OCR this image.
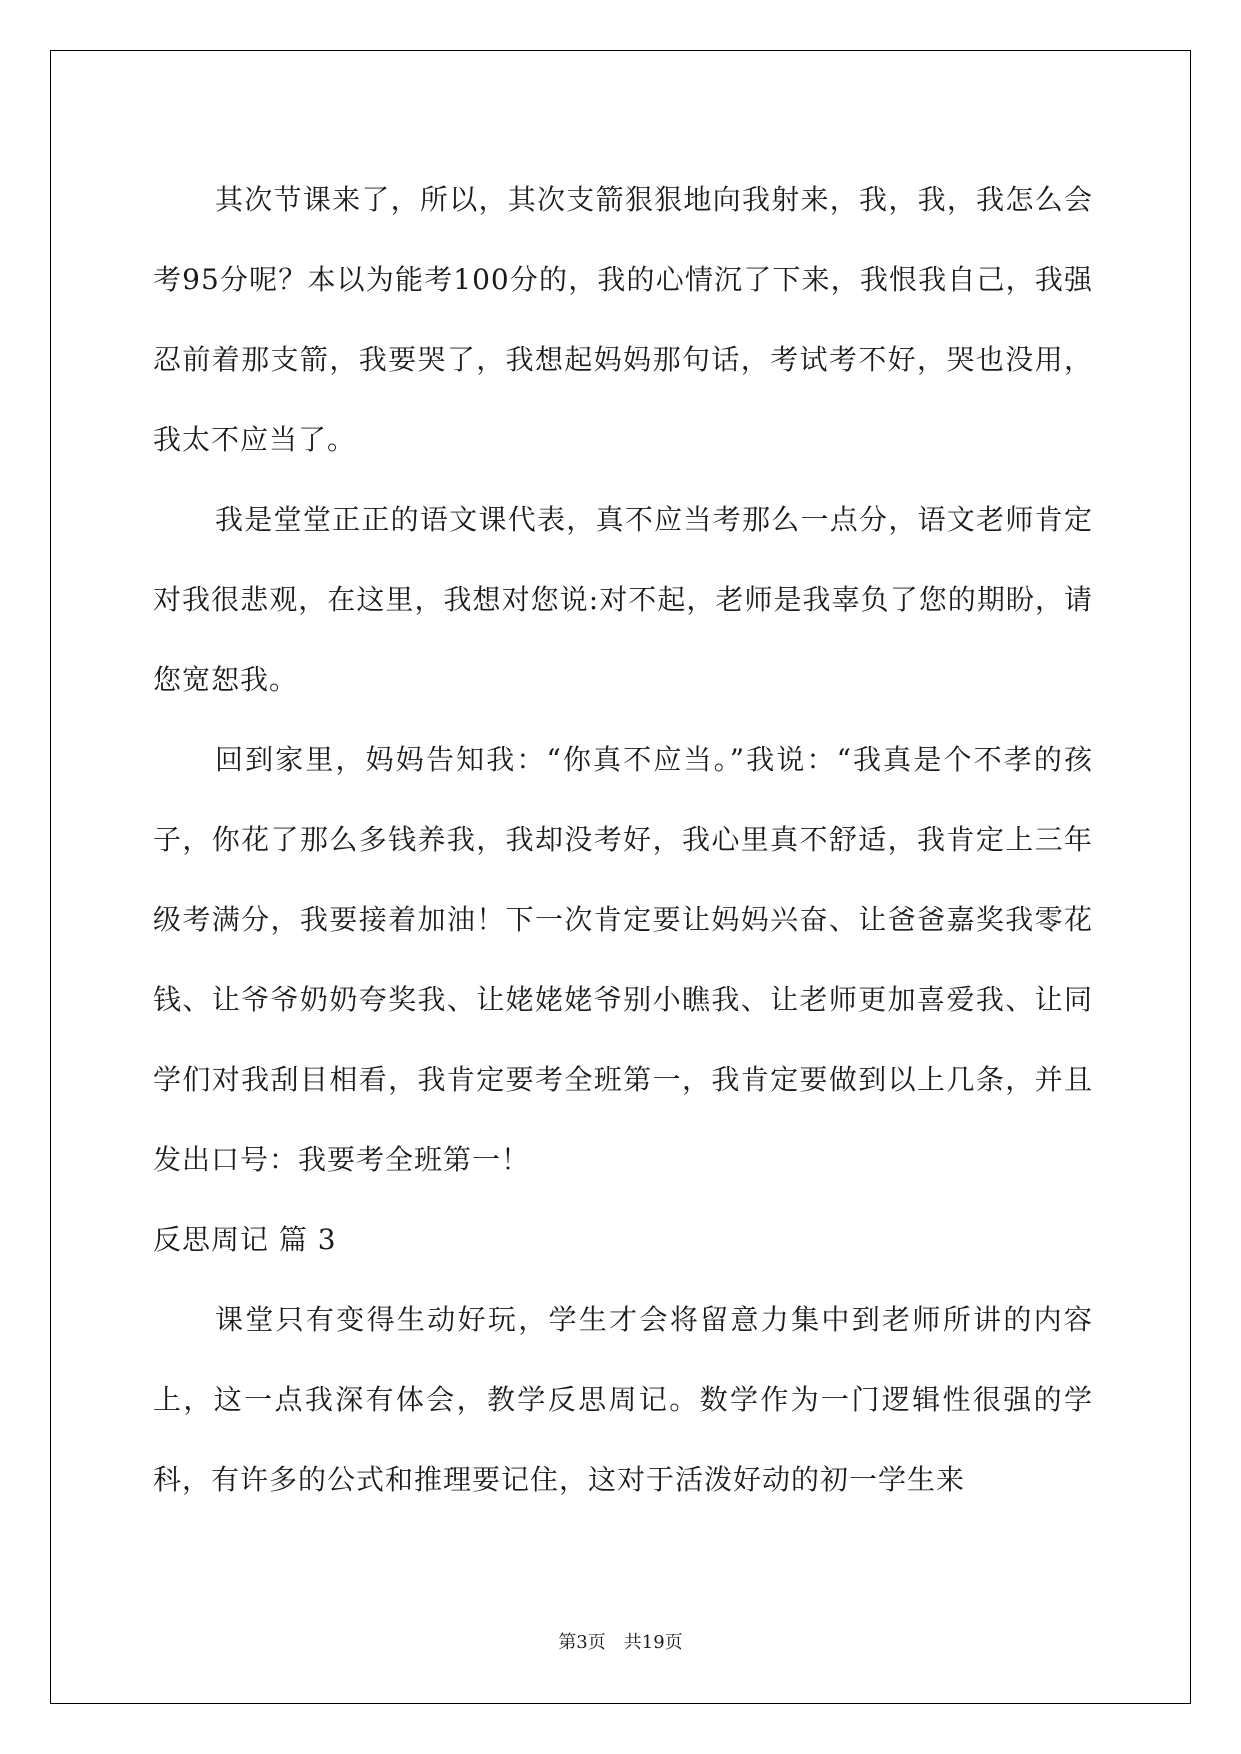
其次节课来了，所以，其次支箭狠狠地向我射来，我，我，我怎么会考95分呢？本以为能考100分的，我的心情沉了下来，我恨我自己，我强忍前着那支箭，我要哭了，我想起妈妈那句话，考试考不好，哭也没用，我太不应当了。

我是堂堂正正的语文课代表，真不应当考那么一点分，语文老师肯定对我很悲观，在这里，我想对您说:对不起，老师是我辜负了您的期盼，请您宽恕我。

回到家里，妈妈告知我：“你真不应当。”我说：“我真是个不孝的孩子，你花了那么多钱养我，我却没考好，我心里真不舒适，我肯定上三年级考满分，我要接着加油！下一次肯定要让妈妈兴奋、让爸爸嘉奖我零花钱、让爷爷奶奶夸奖我、让姥姥姥爷别小瞧我、让老师更加喜爱我、让同学们对我刮目相看，我肯定要考全班第一，我肯定要做到以上几条，并且发出口号：我要考全班第一！

反思周记 篇 3

课堂只有变得生动好玩，学生才会将留意力集中到老师所讲的内容上，这一点我深有体会，教学反思周记。数学作为一门逻辑性很强的学科，有许多的公式和推理要记住，这对于活泼好动的初一学生来

第3页 共19页
